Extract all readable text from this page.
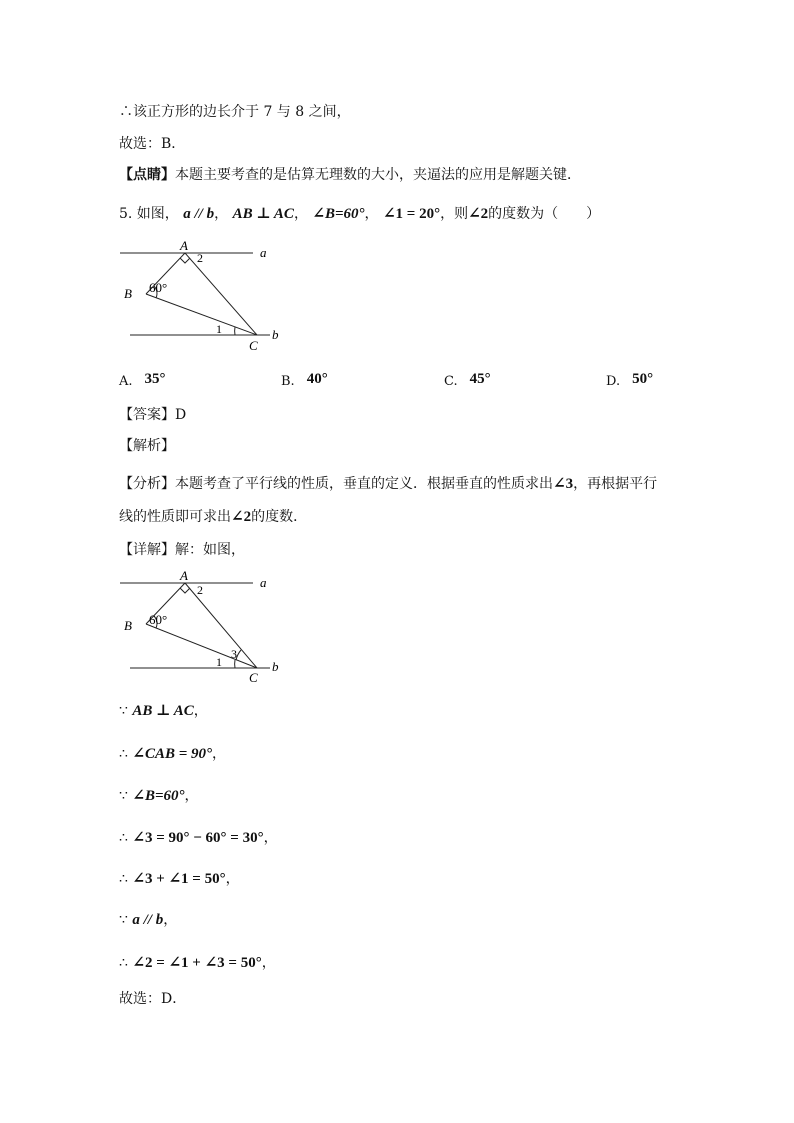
∴该正方形的边长介于 7 与 8 之间，
故选：B．
【点睛】本题主要考查的是估算无理数的大小，夹逼法的应用是解题关键．
5. 如图， a // b， AB ⊥ AC， ∠B=60°， ∠1 = 20°，则∠2的度数为（　　）
A
B
C
a
b
60°
1
2
A. 35°	B. 40°	C. 45°	D. 50°
【答案】D
【解析】
【分析】本题考查了平行线的性质，垂直的定义．根据垂直的性质求出∠3，再根据平行
线的性质即可求出∠2的度数．
【详解】解：如图，
A
B
C
a
b
60°
1
2
3
∵ AB ⊥ AC，
∴ ∠CAB = 90°，
∵ ∠B=60°，
∴ ∠3 = 90° − 60° = 30°，
∴ ∠3 + ∠1 = 50°，
∵ a // b，
∴ ∠2 = ∠1 + ∠3 = 50°，
故选：D．
